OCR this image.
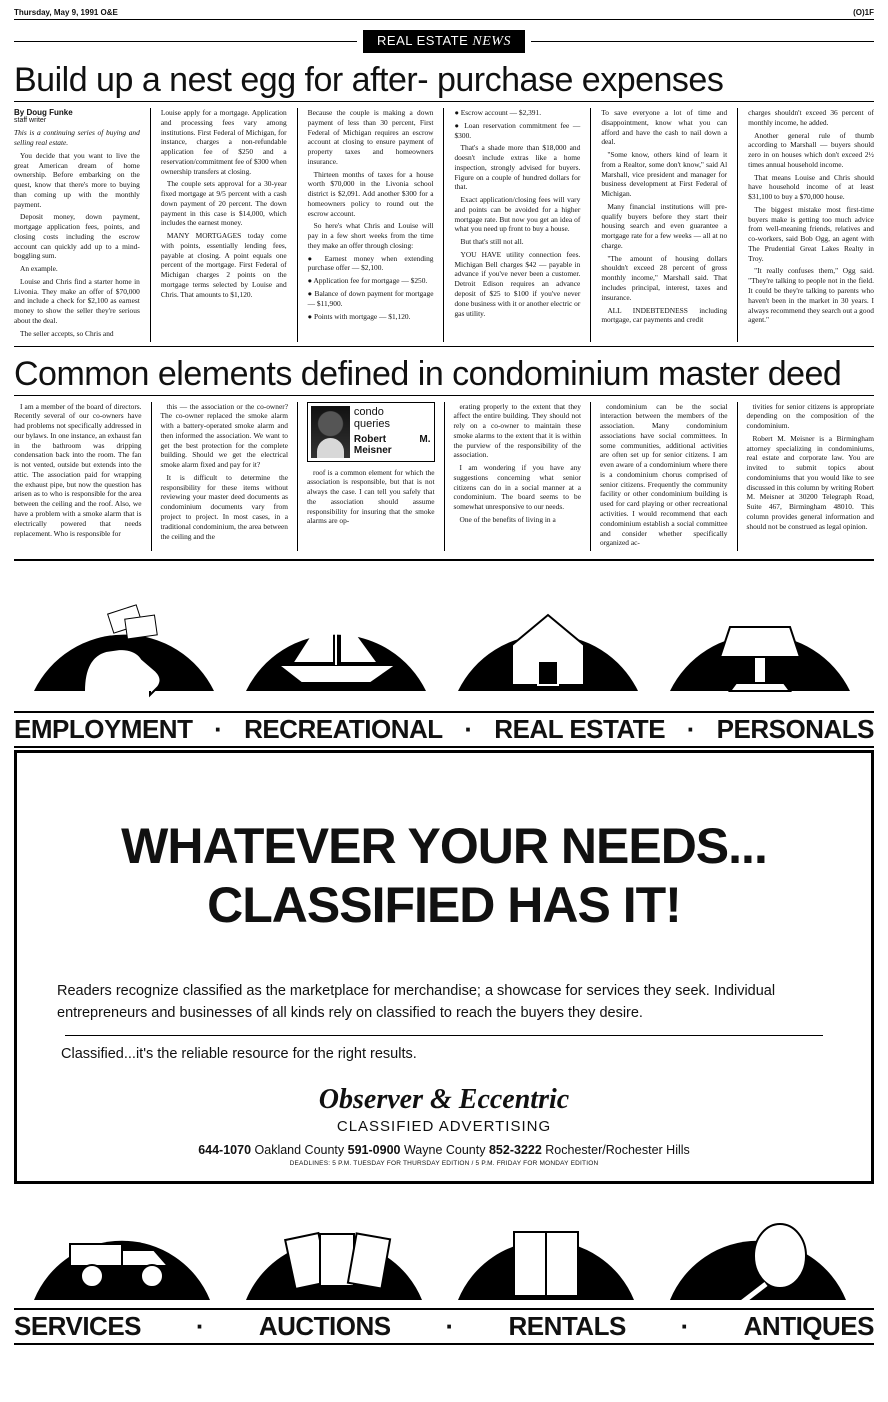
Thursday, May 9, 1991 O&E	(O)1F
REAL ESTATE NEWS
Build up a nest egg for after- purchase expenses
By Doug Funke
staff writer

This is a continuing series of buying and selling real estate.

You decide that you want to live the great American dream of home ownership. Before embarking on the quest, know that there's more to buying than coming up with the monthly payment.

Deposit money, down payment, mortgage application fees, points, and closing costs including the escrow account can quickly add up to a mind-boggling sum.

An example.

Louise and Chris find a starter home in Livonia. They make an offer of $70,000 and include a check for $2,100 as earnest money to show the seller they're serious about the deal.

The seller accepts, so Chris and

Louise apply for a mortgage. Application and processing fees vary among institutions. First Federal of Michigan, for instance, charges a non-refundable application fee of $250 and a reservation/commitment fee of $300 when ownership transfers at closing.

The couple sets approval for a 30-year fixed mortgage at 9/5 percent with a cash down payment of 20 percent. The down payment in this case is $14,000, which includes the earnest money.

MANY MORTGAGES today come with points, essentially lending fees, payable at closing. A point equals one percent of the mortgage. First Federal of Michigan charges 2 points on the mortgage terms selected by Louise and Chris. That amounts to $1,120.

Because the couple is making a down payment of less than 30 percent, First Federal of Michigan requires an escrow account at closing to ensure payment of property taxes and homeowners insurance.

Thirteen months of taxes for a house worth $70,000 in the Livonia school district is $2,091. Add another $300 for a homeowners policy to round out the escrow account.

So here's what Chris and Louise will pay in a few short weeks from the time they make an offer through closing:

● Earnest money when extending purchase offer — $2,100.

● Application fee for mortgage — $250.

● Balance of down payment for mortgage — $11,900.

● Points with mortgage — $1,120.

● Escrow account — $2,391.

● Loan reservation commitment fee — $300.

That's a shade more than $18,000 and doesn't include extras like a home inspection, strongly advised for buyers. Figure on a couple of hundred dollars for that.

Exact application/closing fees will vary and points can be avoided for a higher mortgage rate. But now you get an idea of what you need up front to buy a house.

But that's still not all.

YOU HAVE utility connection fees. Michigan Bell charges $42 — payable in advance if you've never been a customer. Detroit Edison requires an advance deposit of $25 to $100 if you've never done business with it or another electric or gas utility.

To save everyone a lot of time and disappointment, know what you can afford and have the cash to nail down a deal.

"Some know, others kind of learn it from a Realtor, some don't know," said Al Marshall, vice president and manager for business development at First Federal of Michigan.

Many financial institutions will pre-qualify buyers before they start their housing search and even guarantee a mortgage rate for a few weeks — all at no charge.

"The amount of housing dollars shouldn't exceed 28 percent of gross monthly income," Marshall said. That includes principal, interest, taxes and insurance.

ALL INDEBTEDNESS including mortgage, car payments and credit

charges shouldn't exceed 36 percent of monthly income, he added.

Another general rule of thumb according to Marshall — buyers should zero in on houses which don't exceed 2½ times annual household income.

That means Louise and Chris should have household income of at least $31,100 to buy a $70,000 house.

The biggest mistake most first-time buyers make is getting too much advice from well-meaning friends, relatives and co-workers, said Bob Ogg, an agent with The Prudential Great Lakes Realty in Troy.

"It really confuses them," Ogg said. "They're talking to people not in the field. It could be they're talking to parents who haven't been in the market in 30 years. I always recommend they search out a good agent."

Common elements defined in condominium master deed

I am a member of the board of directors. Recently several of our co-owners have had problems not specifically addressed in our bylaws. In one instance, an exhaust fan in the bathroom was dripping condensation back into the room. The fan is not vented, outside but extends into the attic. The association paid for wrapping the exhaust pipe, but now the question has arisen as to who is responsible for the area between the ceiling and the roof. Also, we have a problem with a smoke alarm that is electrically powered that needs replacement. Who is responsible for

this — the association or the co-owner? The co-owner replaced the smoke alarm with a battery-operated smoke alarm and then informed the association. We want to get the best protection for the complete building. Should we get the electrical smoke alarm fixed and pay for it?

It is difficult to determine the responsibility for these items without reviewing your master deed documents as condominium documents vary from project to project. In most cases, in a traditional condominium, the area between the ceiling and the

condo
queries
Robert M. Meisner

roof is a common element for which the association is responsible, but that is not always the case. I can tell you safely that the association should assume responsibility for insuring that the smoke alarms are op-

erating properly to the extent that they affect the entire building. They should not rely on a co-owner to maintain these smoke alarms to the extent that it is within the purview of the responsibility of the association.

I am wondering if you have any suggestions concerning what senior citizens can do in a social manner at a condominium. The board seems to be somewhat unresponsive to our needs.

One of the benefits of living in a

condominium can be the social interaction between the members of the association. Many condominium associations have social committees. In some communities, additional activities are often set up for senior citizens. I am even aware of a condominium where there is a condominium chorus comprised of senior citizens. Frequently the community facility or other condominium building is used for card playing or other recreational activities. I would recommend that each condominium establish a social committee and consider whether specifically organized ac-

tivities for senior citizens is appropriate depending on the composition of the condominium.

Robert M. Meisner is a Birmingham attorney specializing in condominiums, real estate and corporate law. You are invited to submit topics about condominiums that you would like to see discussed in this column by writing Robert M. Meisner at 30200 Telegraph Road, Suite 467, Birmingham 48010. This column provides general information and should not be construed as legal opinion.

EMPLOYMENT · RECREATIONAL · REAL ESTATE · PERSONALS
WHATEVER YOUR NEEDS...
CLASSIFIED HAS IT!
Readers recognize classified as the marketplace for merchandise; a showcase for services they seek. Individual entrepreneurs and businesses of all kinds rely on classified to reach the buyers they desire.
Classified...it's the reliable resource for the right results.
Observer & Eccentric
CLASSIFIED ADVERTISING
644-1070 Oakland County 591-0900 Wayne County 852-3222 Rochester/Rochester Hills
DEADLINES: 5 P.M. TUESDAY FOR THURSDAY EDITION / 5 P.M. FRIDAY FOR MONDAY EDITION
SERVICES · AUCTIONS · RENTALS · ANTIQUES
